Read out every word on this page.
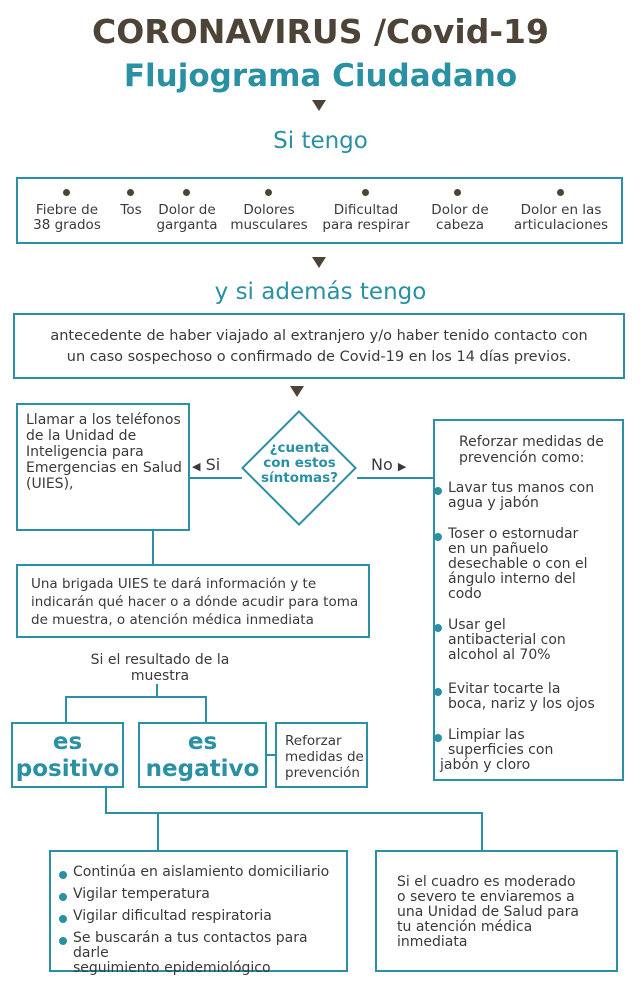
CORONAVIRUS /Covid-19
Flujograma Ciudadano
Si tengo
Fiebre de
38 grados
Tos	Dolor de
garganta
Dolores
musculares
Dificultad
para respirar
Dolor de
cabeza
Dolor en las
articulaciones
y si además tengo
antecedente de haber viajado al extranjero y/o haber tenido contacto con
un caso sospechoso o confirmado de Covid-19 en los 14 días previos.
Llamar a los teléfonos
de la Unidad de
Inteligencia para
Emergencias en Salud
(UIES),
¿cuenta
con estos
síntomas?
◀ Si	No ▶
Reforzar medidas de
prevención como:
Lavar tus manos con
agua y jabón
Toser o estornudar
en un pañuelo
desechable o con el
ángulo interno del
codo
Usar gel
antibacterial con
alcohol al 70%
Evitar tocarte la
boca, nariz y los ojos
Limpiar las
superficies con
jabón y cloro
Una brigada UIES te dará información y te
indicarán qué hacer o a dónde acudir para toma
de muestra, o atención médica inmediata
Si el resultado de la
muestra
es
positivo
es
negativo
Reforzar
medidas de
prevención
Continúa en aislamiento domiciliario
Vigilar temperatura
Vigilar dificultad respiratoria
Se buscarán a tus contactos para darle
seguimiento epidemiológico
Si el cuadro es moderado
o severo te enviaremos a
una Unidad de Salud para
tu atención médica
inmediata
